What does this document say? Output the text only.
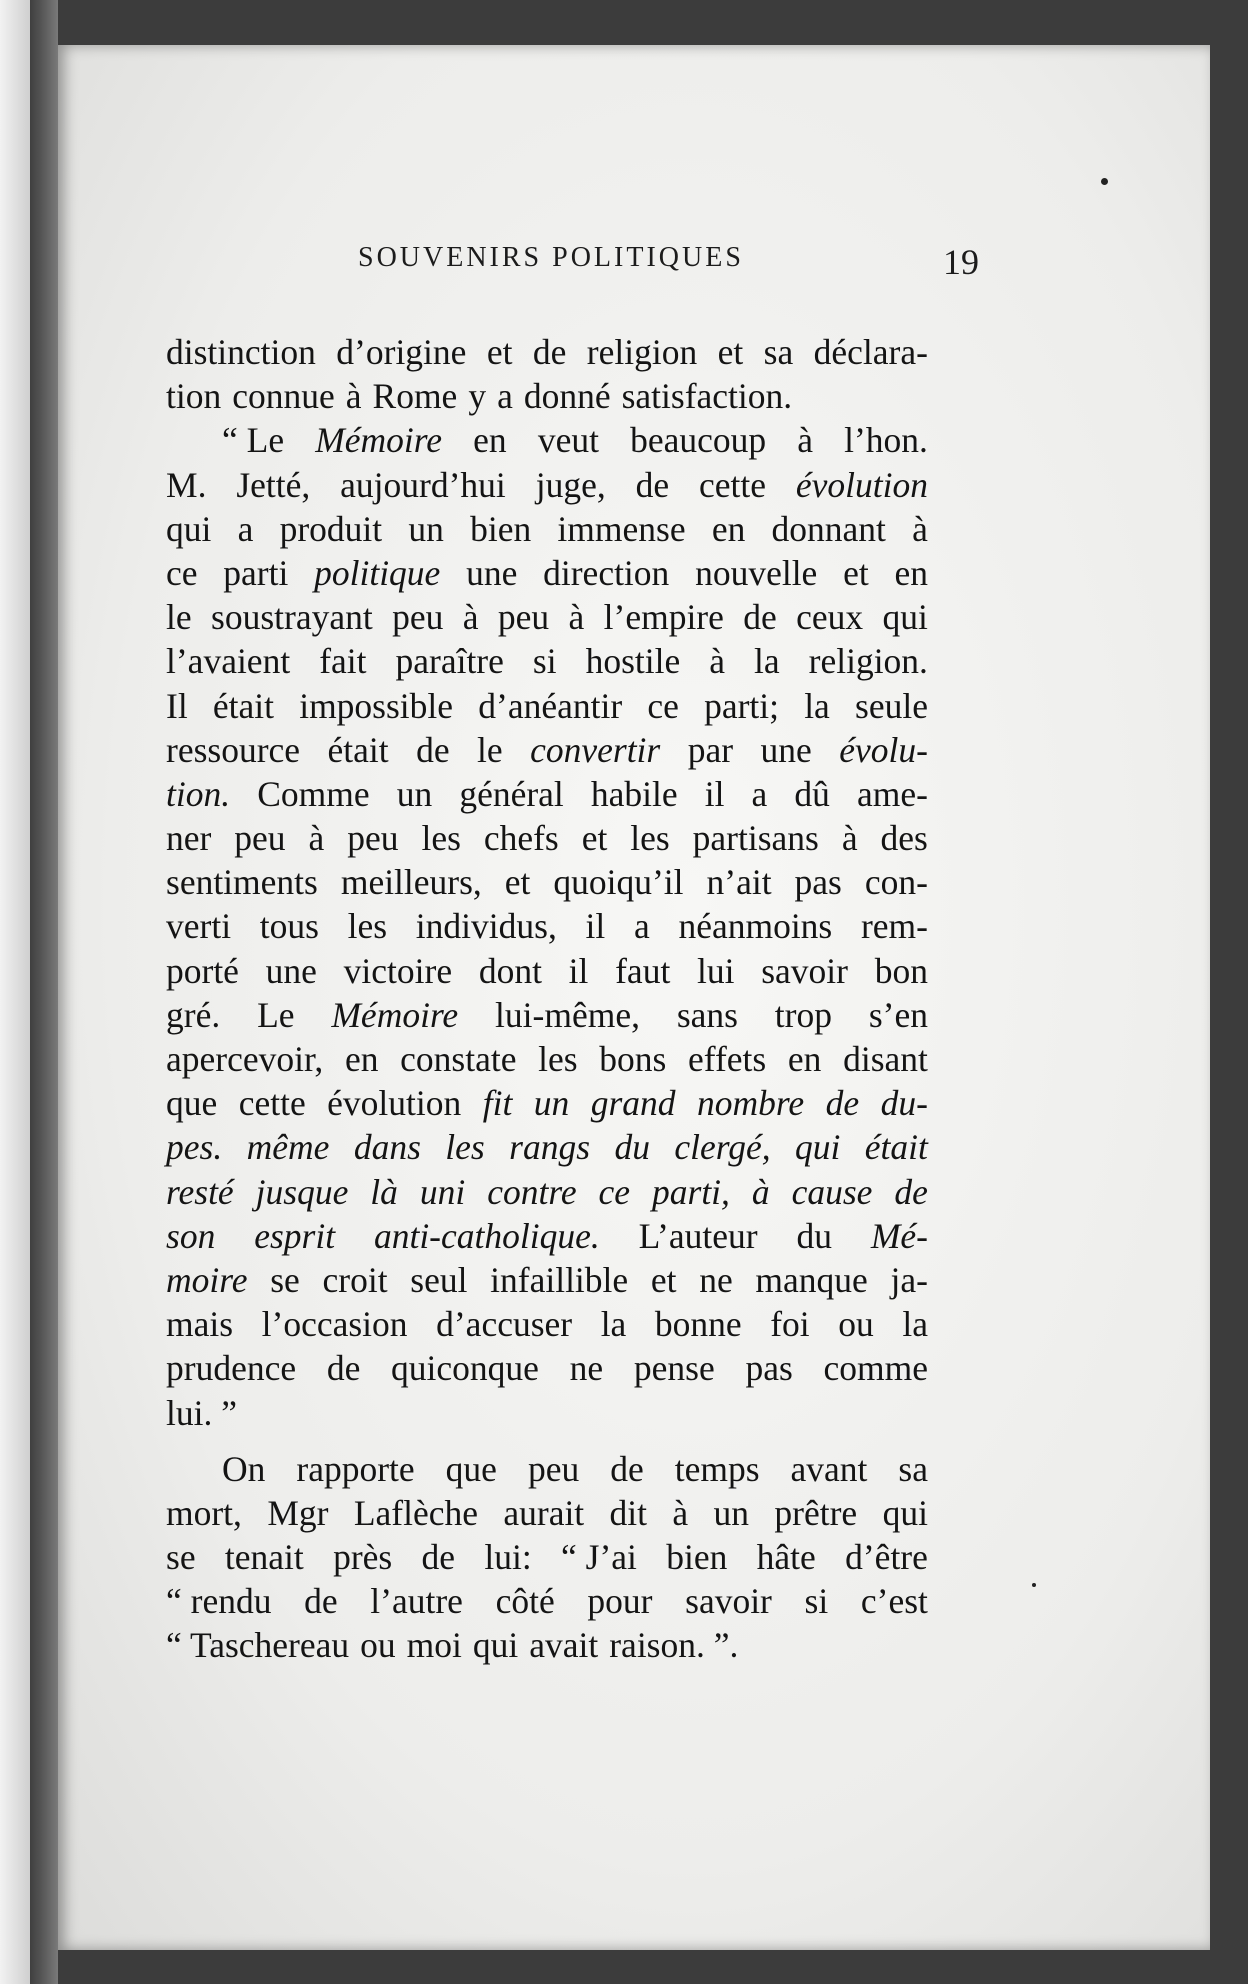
SOUVENIRS POLITIQUES	19
distinction d’origine et de religion et sa déclara-
tion connue à Rome y a donné satisfaction.
“ Le Mémoire en veut beaucoup à l’hon.
M. Jetté, aujourd’hui juge, de cette évolution
qui a produit un bien immense en donnant à
ce parti politique une direction nouvelle et en
le soustrayant peu à peu à l’empire de ceux qui
l’avaient fait paraître si hostile à la religion.
Il était impossible d’anéantir ce parti; la seule
ressource était de le convertir par une évolu-
tion. Comme un général habile il a dû ame-
ner peu à peu les chefs et les partisans à des
sentiments meilleurs, et quoiqu’il n’ait pas con-
verti tous les individus, il a néanmoins rem-
porté une victoire dont il faut lui savoir bon
gré. Le Mémoire lui-même, sans trop s’en
apercevoir, en constate les bons effets en disant
que cette évolution fit un grand nombre de du-
pes. même dans les rangs du clergé, qui était
resté jusque là uni contre ce parti, à cause de
son esprit anti-catholique. L’auteur du Mé-
moire se croit seul infaillible et ne manque ja-
mais l’occasion d’accuser la bonne foi ou la
prudence de quiconque ne pense pas comme
lui. ”
On rapporte que peu de temps avant sa
mort, Mgr Laflèche aurait dit à un prêtre qui
se tenait près de lui: “ J’ai bien hâte d’être
“ rendu de l’autre côté pour savoir si c’est
“ Taschereau ou moi qui avait raison. ”.
